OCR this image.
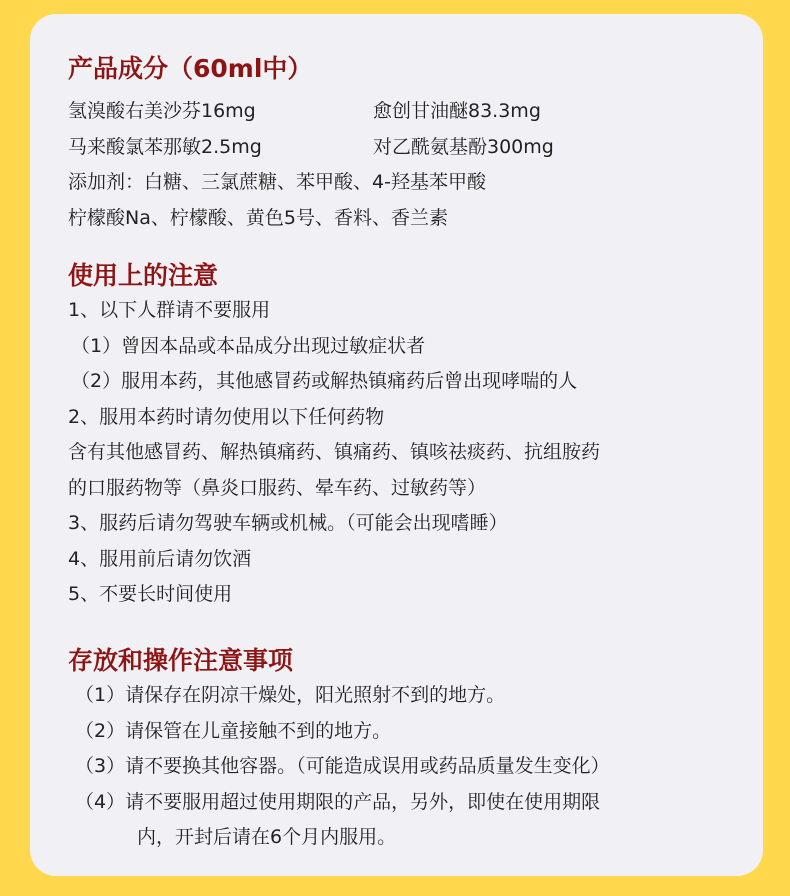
产品成分（60ml中）
氢溴酸右美沙芬16mg	愈创甘油醚83.3mg
马来酸氯苯那敏2.5mg	对乙酰氨基酚300mg
添加剂：白糖、三氯蔗糖、苯甲酸、4-羟基苯甲酸
柠檬酸Na、柠檬酸、黄色5号、香料、香兰素
使用上的注意
1、以下人群请不要服用
（1）曾因本品或本品成分出现过敏症状者
（2）服用本药，其他感冒药或解热镇痛药后曾出现哮喘的人
2、服用本药时请勿使用以下任何药物
含有其他感冒药、解热镇痛药、镇痛药、镇咳祛痰药、抗组胺药
的口服药物等（鼻炎口服药、晕车药、过敏药等）
3、服药后请勿驾驶车辆或机械。（可能会出现嗜睡）
4、服用前后请勿饮酒
5、不要长时间使用
存放和操作注意事项
（1）请保存在阴凉干燥处，阳光照射不到的地方。
（2）请保管在儿童接触不到的地方。
（3）请不要换其他容器。（可能造成误用或药品质量发生变化）
（4）请不要服用超过使用期限的产品，另外，即使在使用期限
内，开封后请在6个月内服用。
